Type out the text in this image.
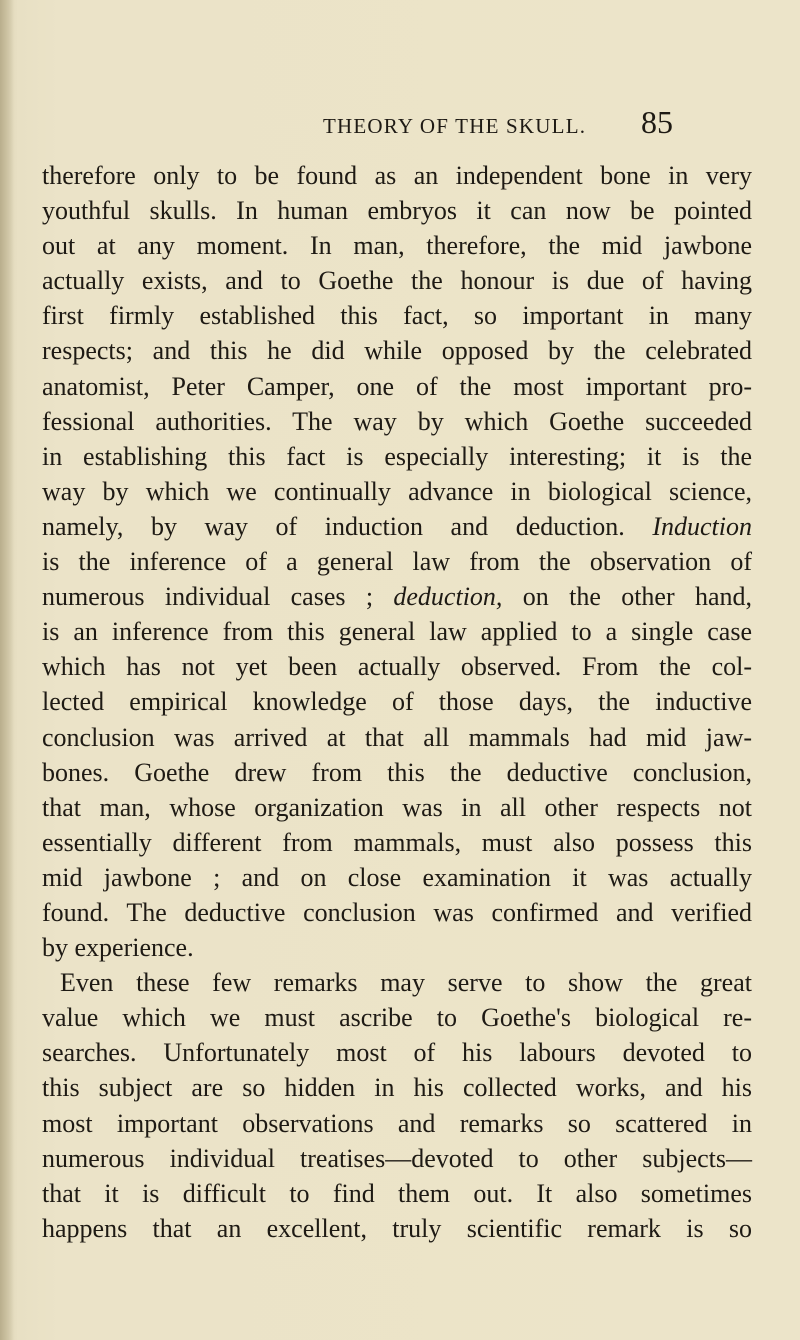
THEORY OF THE SKULL. 85
therefore only to be found as an independent bone in very
youthful skulls. In human embryos it can now be pointed
out at any moment. In man, therefore, the mid jawbone
actually exists, and to Goethe the honour is due of having
first firmly established this fact, so important in many
respects; and this he did while opposed by the celebrated
anatomist, Peter Camper, one of the most important pro-
fessional authorities. The way by which Goethe succeeded
in establishing this fact is especially interesting; it is the
way by which we continually advance in biological science,
namely, by way of induction and deduction. Induction
is the inference of a general law from the observation of
numerous individual cases ; deduction, on the other hand,
is an inference from this general law applied to a single case
which has not yet been actually observed. From the col-
lected empirical knowledge of those days, the inductive
conclusion was arrived at that all mammals had mid jaw-
bones. Goethe drew from this the deductive conclusion,
that man, whose organization was in all other respects not
essentially different from mammals, must also possess this
mid jawbone ; and on close examination it was actually
found. The deductive conclusion was confirmed and verified
by experience.
Even these few remarks may serve to show the great
value which we must ascribe to Goethe's biological re-
searches. Unfortunately most of his labours devoted to
this subject are so hidden in his collected works, and his
most important observations and remarks so scattered in
numerous individual treatises—devoted to other subjects—
that it is difficult to find them out. It also sometimes
happens that an excellent, truly scientific remark is so
